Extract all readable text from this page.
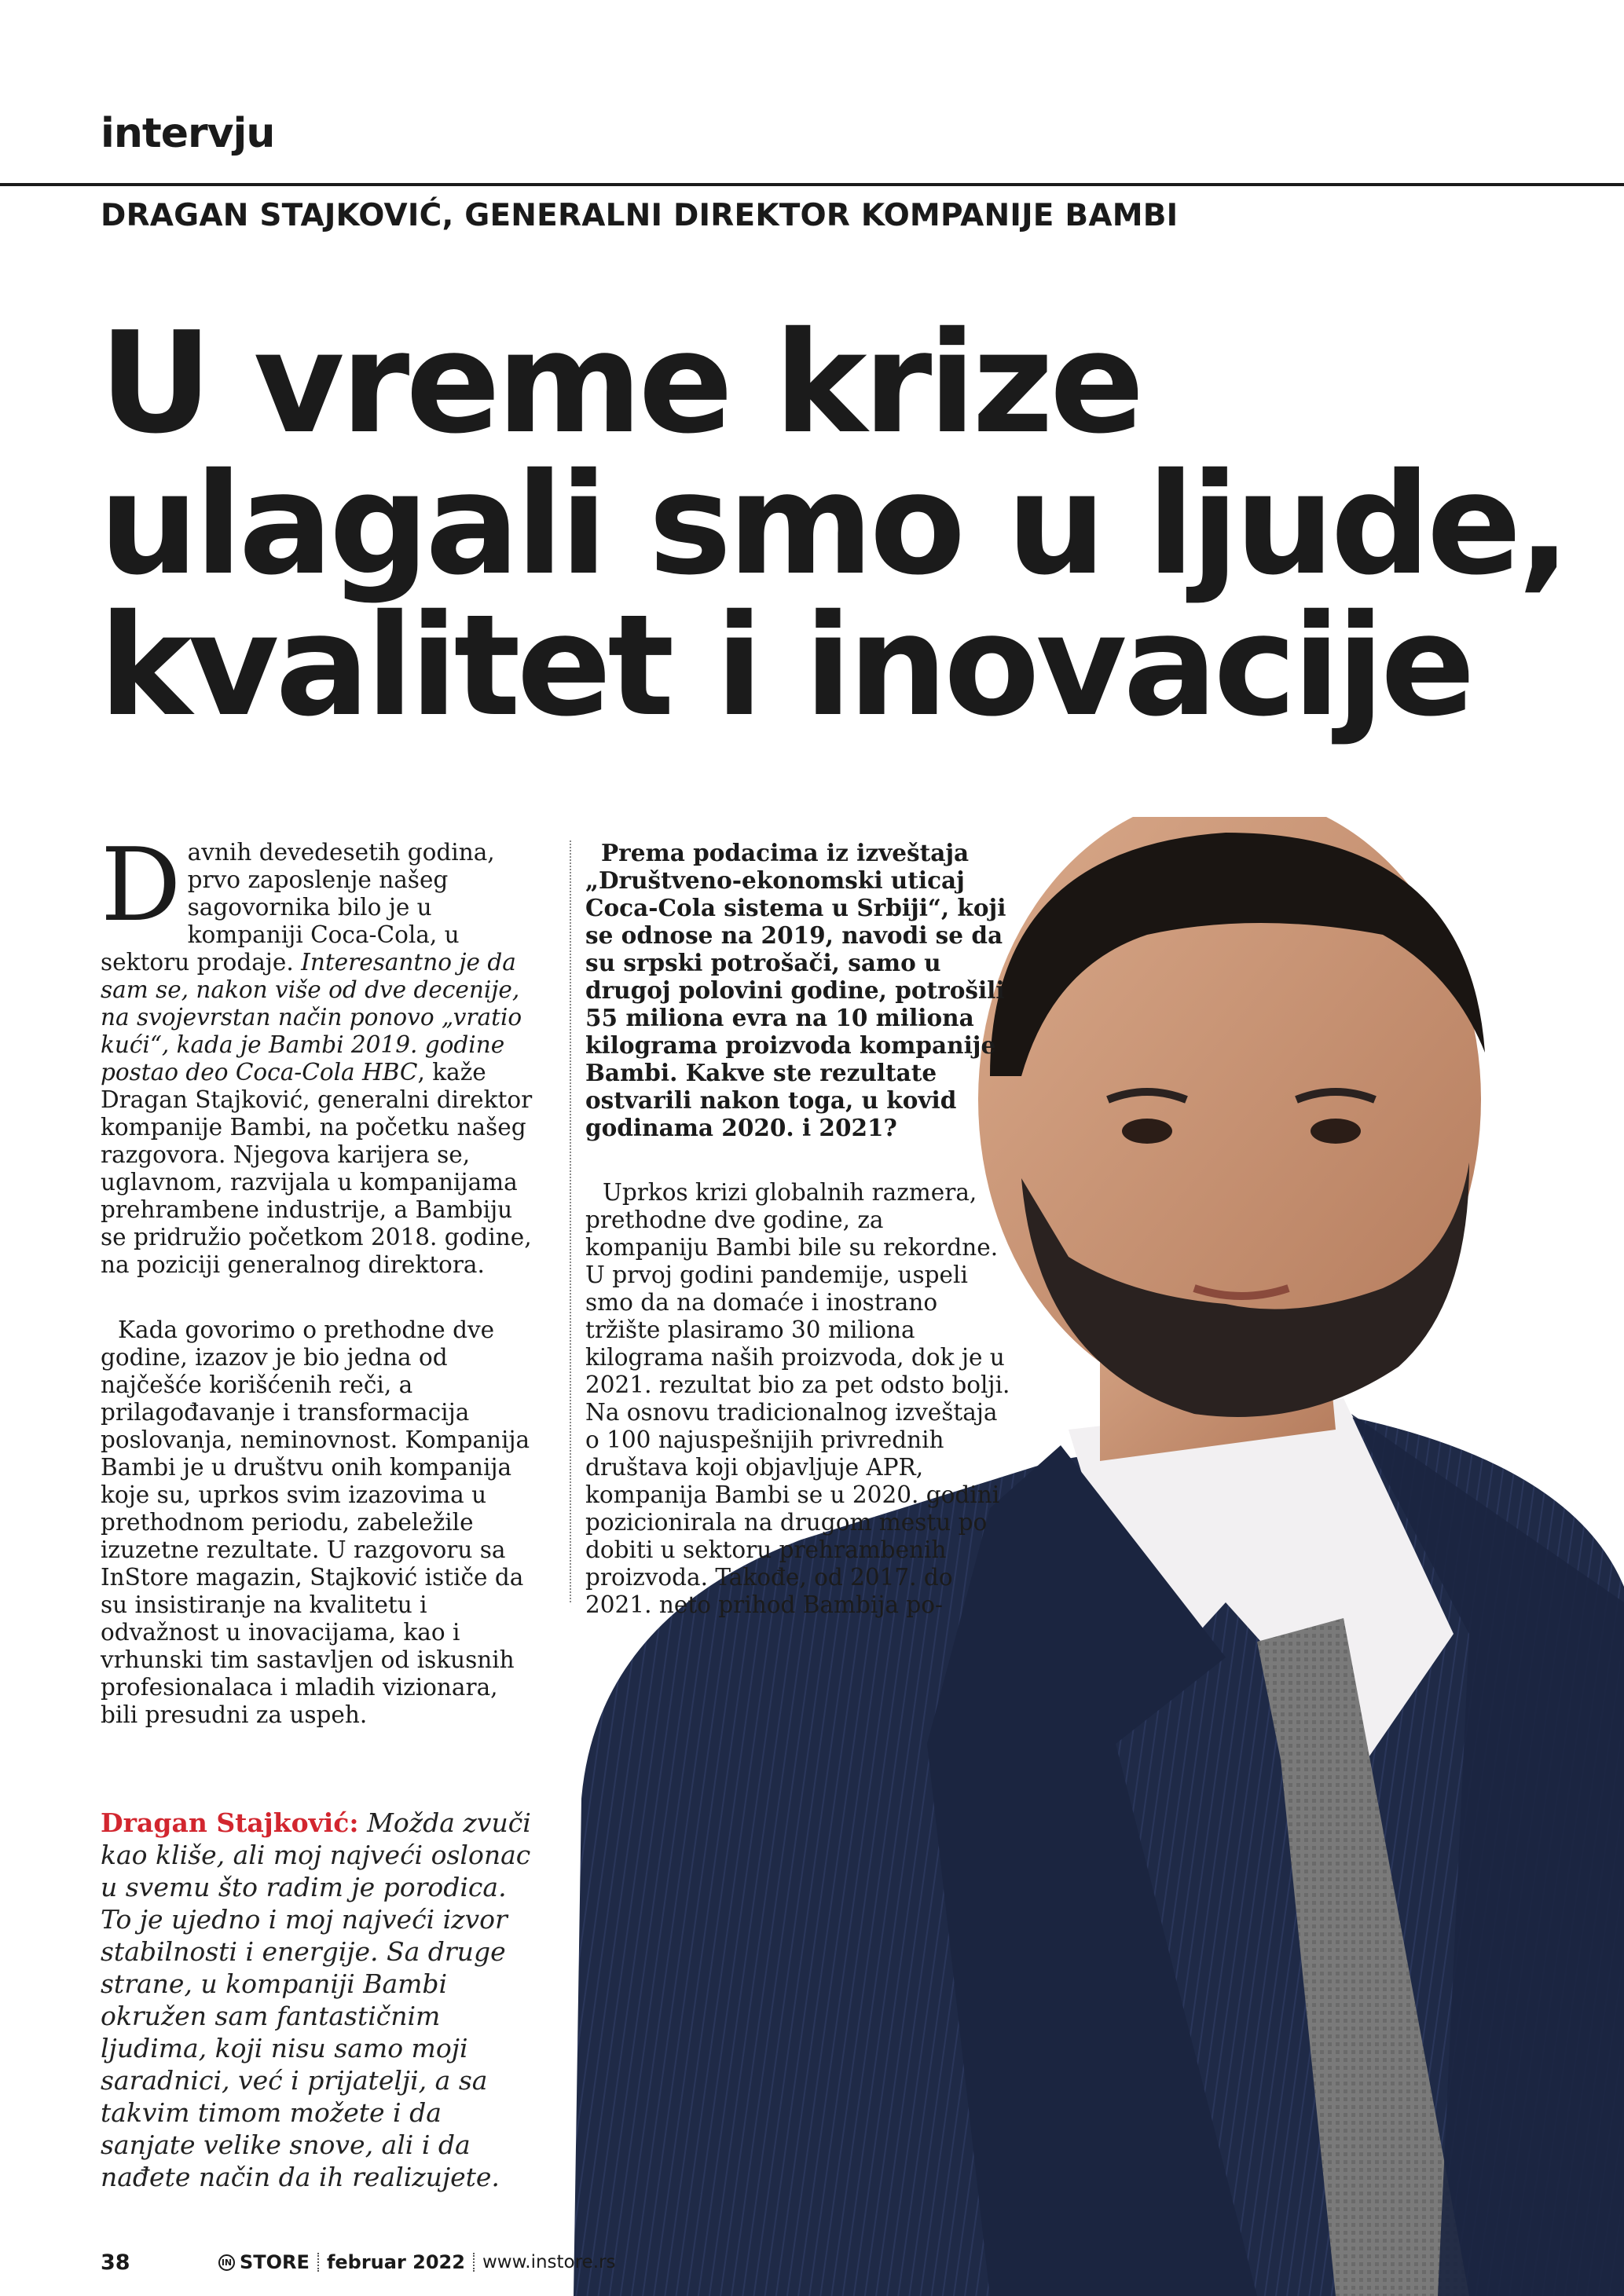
intervju
DRAGAN STAJKOVIĆ, GENERALNI DIREKTOR KOMPANIJE BAMBI
U vreme krize
ulagali smo u ljude,
kvalitet i inovacije

Davnih devedesetih godina, prvo zaposlenje našeg sagovornika bilo je u kompaniji Coca-Cola, u sektoru prodaje. Interesantno je da sam se, nakon više od dve decenije, na svojevrstan način ponovo „vratio kući“, kada je Bambi 2019. godine postao deo Coca-Cola HBC, kaže Dragan Stajković, generalni direktor kompanije Bambi, na početku našeg razgovora. Njegova karijera se, uglavnom, razvijala u kompanijama prehrambene industrije, a Bambiju se pridružio početkom 2018. godine, na poziciji generalnog direktora.

Kada govorimo o prethodne dve godine, izazov je bio jedna od najčešće korišćenih reči, a prilagođavanje i transformacija poslovanja, neminovnost. Kompanija Bambi je u društvu onih kompanija koje su, uprkos svim izazovima u prethodnom periodu, zabeležile izuzetne rezultate. U razgovoru sa InStore magazin, Stajković ističe da su insistiranje na kvalitetu i odvažnost u inovacijama, kao i vrhunski tim sastavljen od iskusnih profesionalaca i mladih vizionara, bili presudni za uspeh.

Prema podacima iz izveštaja „Društveno-ekonomski uticaj Coca-Cola sistema u Srbiji“, koji se odnose na 2019, navodi se da su srpski potrošači, samo u drugoj polovini godine, potrošili 55 miliona evra na 10 miliona kilograma proizvoda kompanije Bambi. Kakve ste rezultate ostvarili nakon toga, u kovid godinama 2020. i 2021?

Uprkos krizi globalnih razmera, prethodne dve godine, za kompaniju Bambi bile su rekordne. U prvoj godini pandemije, uspeli smo da na domaće i inostrano tržište plasiramo 30 miliona kilograma naših proizvoda, dok je u 2021. rezultat bio za pet odsto bolji. Na osnovu tradicionalnog izveštaja o 100 najuspešnijih privrednih društava koji objavljuje APR, kompanija Bambi se u 2020. godini pozicionirala na drugom mestu po dobiti u sektoru prehrambenih proizvoda. Takođe, od 2017. do 2021. neto prihod Bambija po-

Dragan Stajković: Možda zvuči kao kliše, ali moj najveći oslonac u svemu što radim je porodica. To je ujedno i moj najveći izvor stabilnosti i energije. Sa druge strane, u kompaniji Bambi okružen sam fantastičnim ljudima, koji nisu samo moji saradnici, već i prijatelji, a sa takvim timom možete i da sanjate velike snove, ali i da nađete način da ih realizujete.
38	IN STORE februar 2022 www.instore.rs
